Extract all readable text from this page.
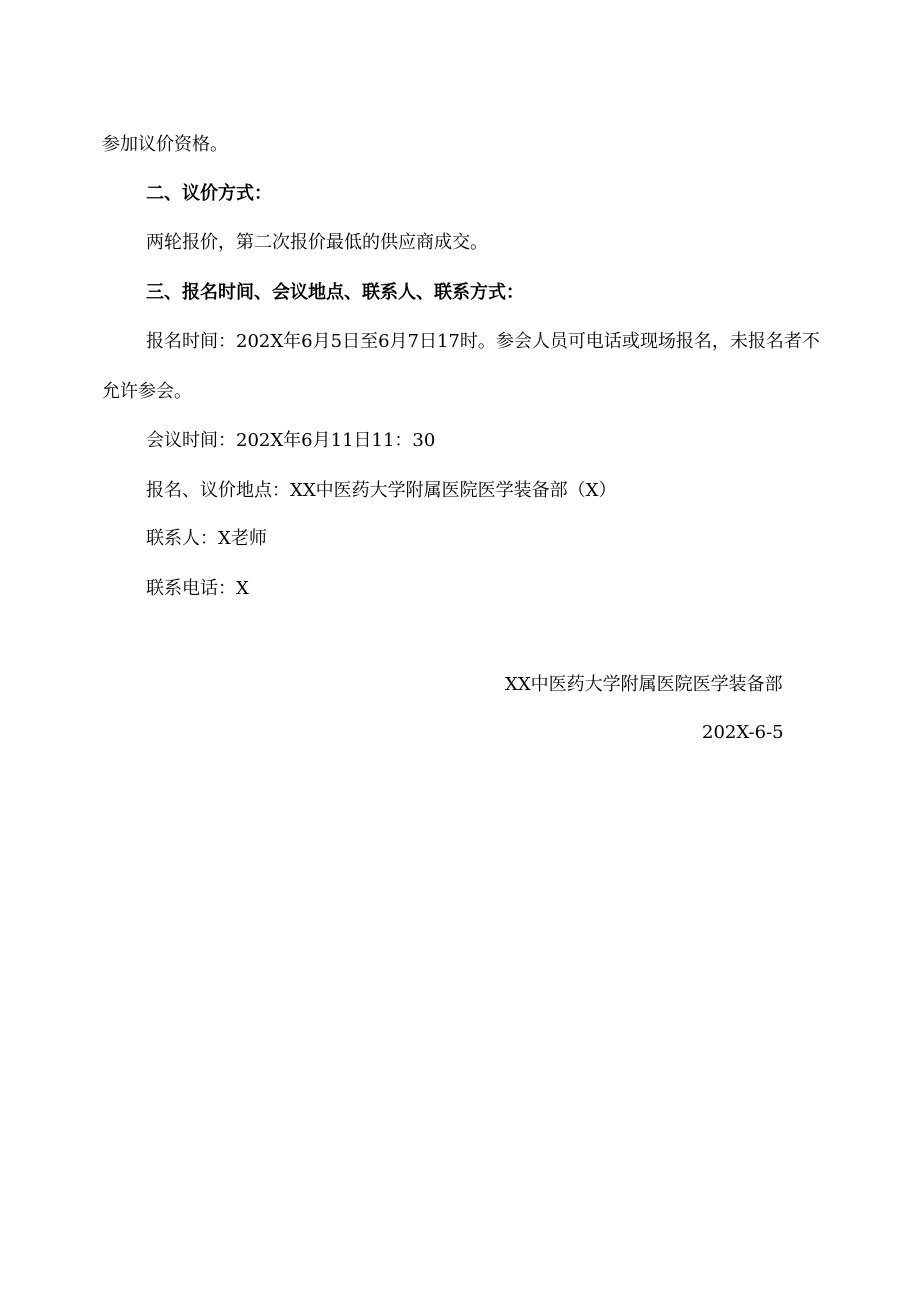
参加议价资格。
二、议价方式：
两轮报价，第二次报价最低的供应商成交。
三、报名时间、会议地点、联系人、联系方式：
报名时间：202X年6月5日至6月7日17时。参会人员可电话或现场报名，未报名者不
允许参会。
会议时间：202X年6月11日11：30
报名、议价地点：XX中医药大学附属医院医学装备部（X）
联系人：X老师
联系电话：X
XX中医药大学附属医院医学装备部
202X-6-5
